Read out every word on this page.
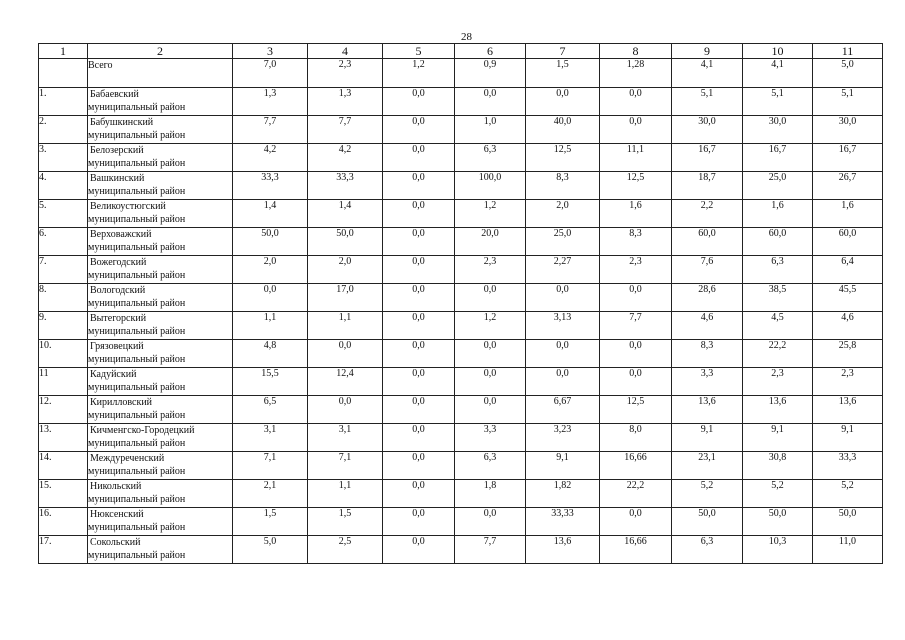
28
1	2	3	4	5	6	7	8	9	10	11
	Всего	7,0	2,3	1,2	0,9	1,5	1,28	4,1	4,1	5,0
1.	Бабаевский
муниципальный район	1,3	1,3	0,0	0,0	0,0	0,0	5,1	5,1	5,1
2.	Бабушкинский
муниципальный район	7,7	7,7	0,0	1,0	40,0	0,0	30,0	30,0	30,0
3.	Белозерский
муниципальный район	4,2	4,2	0,0	6,3	12,5	11,1	16,7	16,7	16,7
4.	Вашкинский
муниципальный район	33,3	33,3	0,0	100,0	8,3	12,5	18,7	25,0	26,7
5.	Великоустюгский
муниципальный район	1,4	1,4	0,0	1,2	2,0	1,6	2,2	1,6	1,6
6.	Верховажский
муниципальный район	50,0	50,0	0,0	20,0	25,0	8,3	60,0	60,0	60,0
7.	Вожегодский
муниципальный район	2,0	2,0	0,0	2,3	2,27	2,3	7,6	6,3	6,4
8.	Вологодский
муниципальный район	0,0	17,0	0,0	0,0	0,0	0,0	28,6	38,5	45,5
9.	Вытегорский
муниципальный район	1,1	1,1	0,0	1,2	3,13	7,7	4,6	4,5	4,6
10.	Грязовецкий
муниципальный район	4,8	0,0	0,0	0,0	0,0	0,0	8,3	22,2	25,8
11	Кадуйский
муниципальный район	15,5	12,4	0,0	0,0	0,0	0,0	3,3	2,3	2,3
12.	Кирилловский
муниципальный район	6,5	0,0	0,0	0,0	6,67	12,5	13,6	13,6	13,6
13.	Кичменгско-Городецкий
муниципальный район	3,1	3,1	0,0	3,3	3,23	8,0	9,1	9,1	9,1
14.	Междуреченский
муниципальный район	7,1	7,1	0,0	6,3	9,1	16,66	23,1	30,8	33,3
15.	Никольский
муниципальный район	2,1	1,1	0,0	1,8	1,82	22,2	5,2	5,2	5,2
16.	Нюксенский
муниципальный район	1,5	1,5	0,0	0,0	33,33	0,0	50,0	50,0	50,0
17.	Сокольский
муниципальный район	5,0	2,5	0,0	7,7	13,6	16,66	6,3	10,3	11,0
